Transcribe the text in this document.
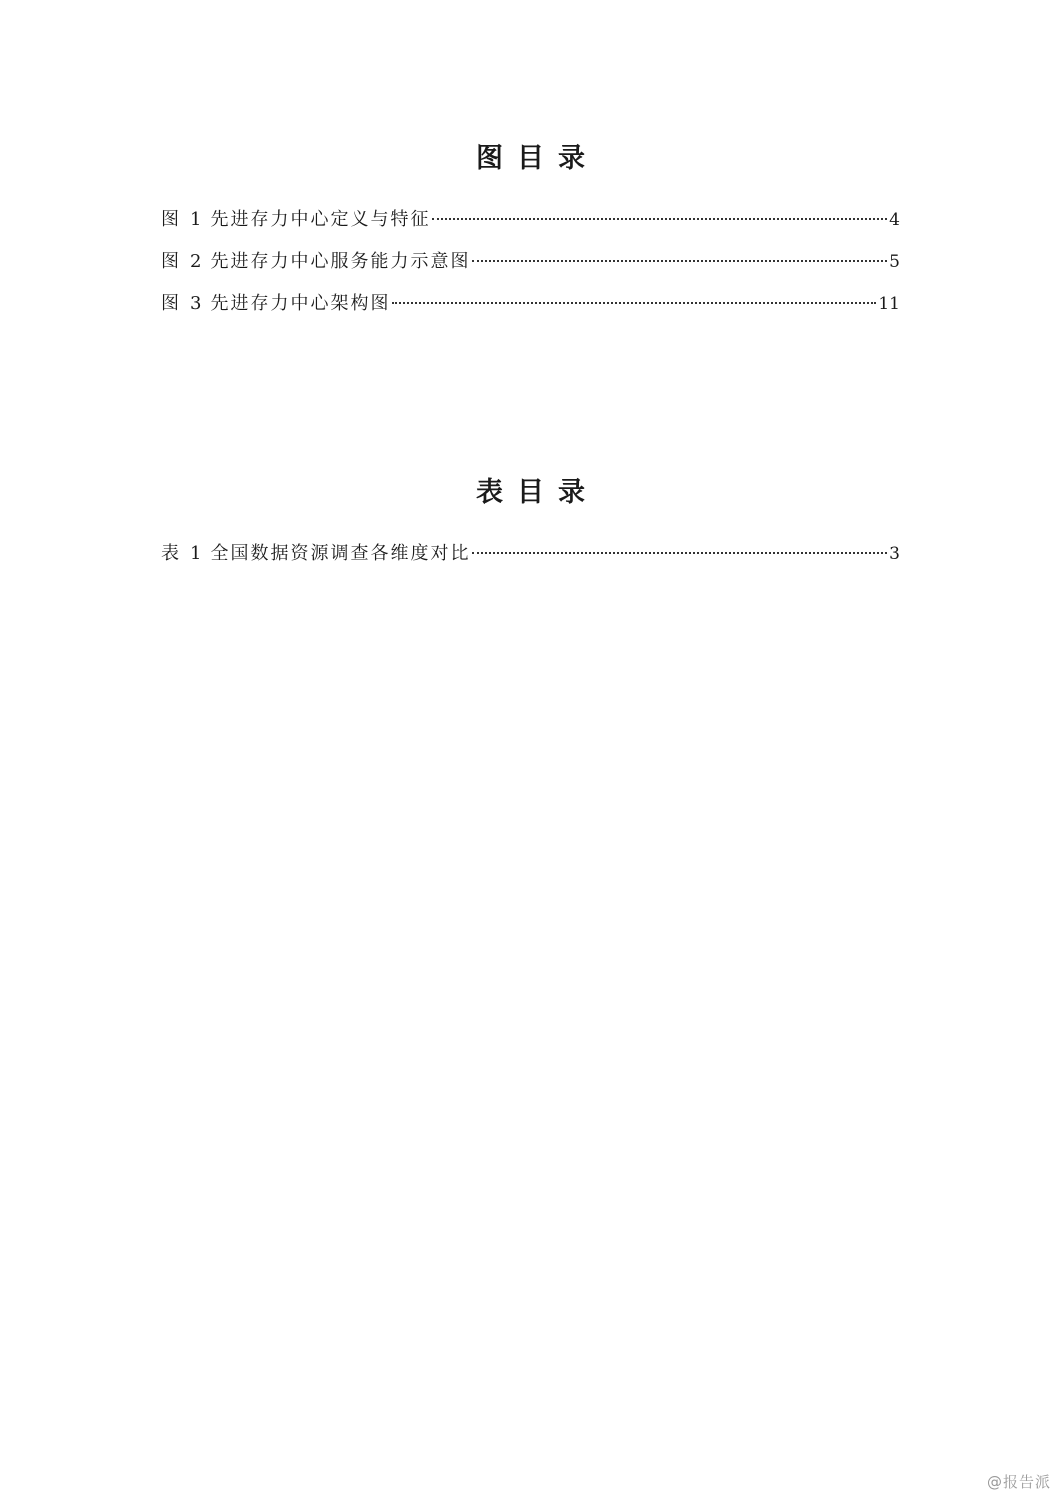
图目录
图 1 先进存力中心定义与特征	4
图 2 先进存力中心服务能力示意图	5
图 3 先进存力中心架构图	11
表目录
表 1 全国数据资源调查各维度对比	3
@报告派
